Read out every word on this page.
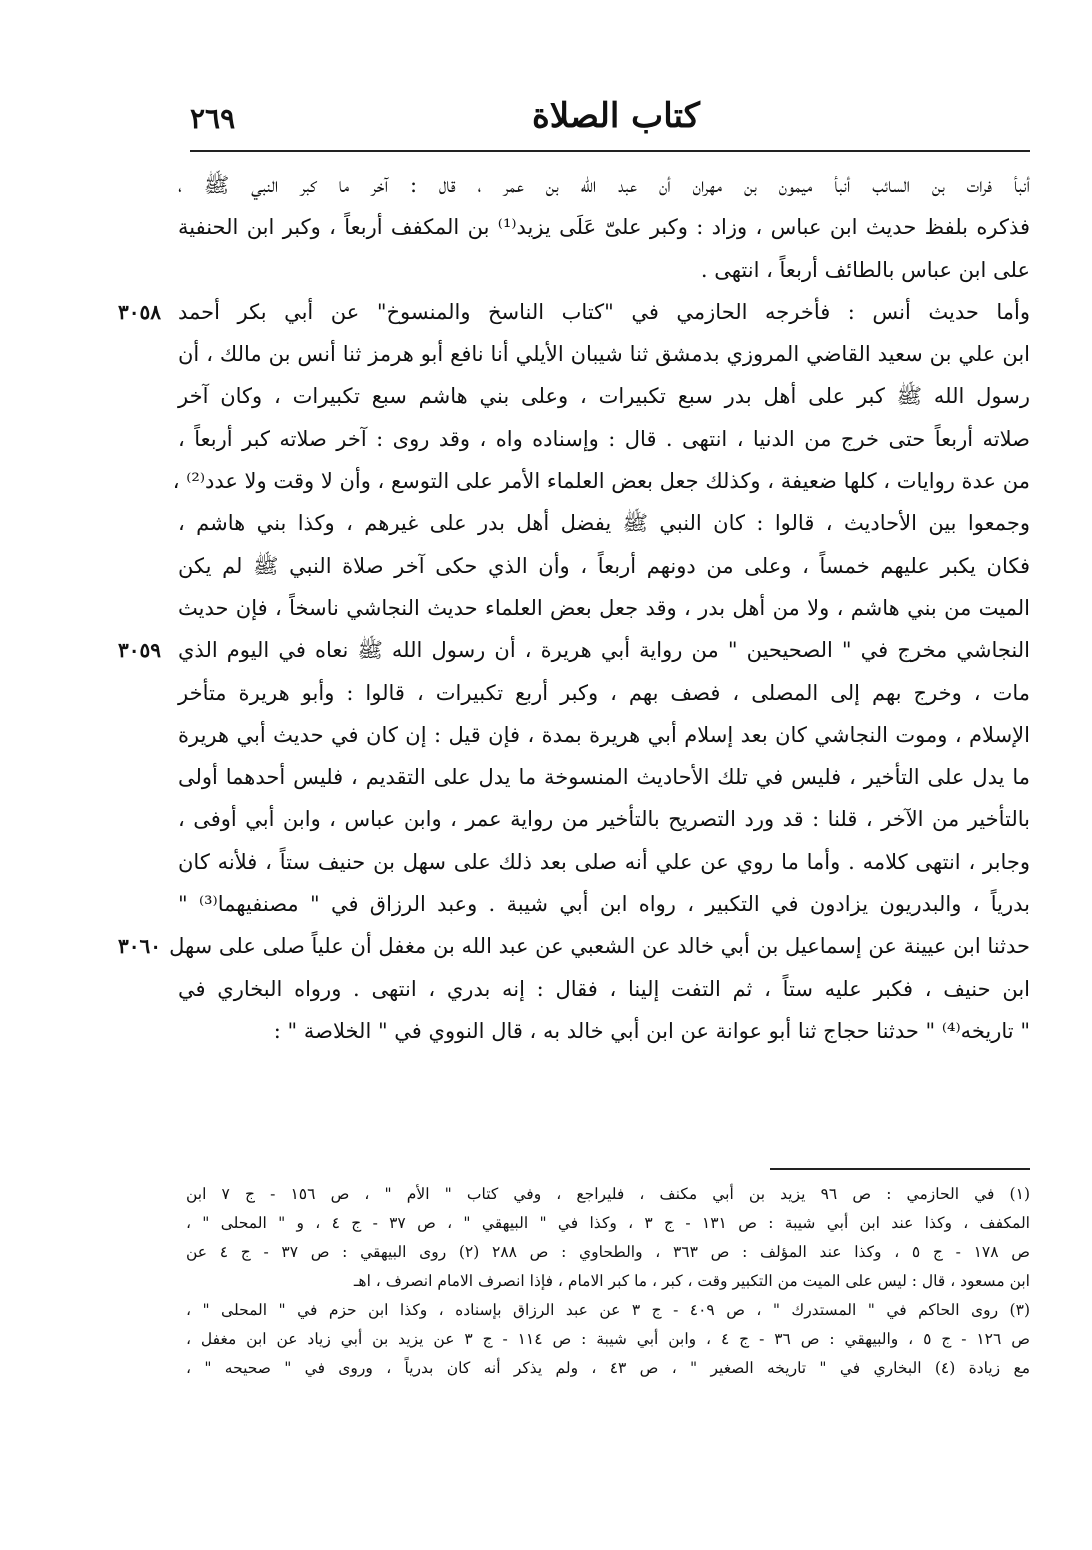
كتاب الصلاة
٢٦٩
أنبأ فرات بن السائب أنبأ ميمون بن مهران أن عبد الله بن عمر ، قال : آخر ما كبر النبي ﷺ ،
فذكره بلفظ حديث ابن عباس ، وزاد : وكبر علىّ عَلَى يزيد⁽¹⁾ بن المكفف أربعاً ، وكبر ابن الحنفية
على ابن عباس بالطائف أربعاً ، انتهى .
وأما حديث أنس : فأخرجه الحازمي في "كتاب الناسخ والمنسوخ" عن أبي بكر أحمد
ابن علي بن سعيد القاضي المروزي بدمشق ثنا شيبان الأيلي أنا نافع أبو هرمز ثنا أنس بن مالك ، أن
رسول الله ﷺ كبر على أهل بدر سبع تكبيرات ، وعلى بني هاشم سبع تكبيرات ، وكان آخر
صلاته أربعاً حتى خرج من الدنيا ، انتهى . قال : وإسناده واه ، وقد روى : آخر صلاته كبر أربعاً ،
من عدة روايات ، كلها ضعيفة ، وكذلك جعل بعض العلماء الأمر على التوسع ، وأن لا وقت ولا عدد⁽²⁾ ،
وجمعوا بين الأحاديث ، قالوا : كان النبي ﷺ يفضل أهل بدر على غيرهم ، وكذا بني هاشم ،
فكان يكبر عليهم خمساً ، وعلى من دونهم أربعاً ، وأن الذي حكى آخر صلاة النبي ﷺ لم يكن
الميت من بني هاشم ، ولا من أهل بدر ، وقد جعل بعض العلماء حديث النجاشي ناسخاً ، فإن حديث
النجاشي مخرج في " الصحيحين " من رواية أبي هريرة ، أن رسول الله ﷺ نعاه في اليوم الذي
مات ، وخرج بهم إلى المصلى ، فصف بهم ، وكبر أربع تكبيرات ، قالوا : وأبو هريرة متأخر
الإسلام ، وموت النجاشي كان بعد إسلام أبي هريرة بمدة ، فإن قيل : إن كان في حديث أبي هريرة
ما يدل على التأخير ، فليس في تلك الأحاديث المنسوخة ما يدل على التقديم ، فليس أحدهما أولى
بالتأخير من الآخر ، قلنا : قد ورد التصريح بالتأخير من رواية عمر ، وابن عباس ، وابن أبي أوفى ،
وجابر ، انتهى كلامه . وأما ما روي عن علي أنه صلى بعد ذلك على سهل بن حنيف ستاً ، فلأنه كان
بدرياً ، والبدريون يزادون في التكبير ، رواه ابن أبي شيبة . وعبد الرزاق في " مصنفيهما⁽³⁾ "
حدثنا ابن عيينة عن إسماعيل بن أبي خالد عن الشعبي عن عبد الله بن مغفل أن علياً صلى على سهل
ابن حنيف ، فكبر عليه ستاً ، ثم التفت إلينا ، فقال : إنه بدري ، انتهى . ورواه البخاري في
" تاريخه⁽⁴⁾ " حدثنا حجاج ثنا أبو عوانة عن ابن أبي خالد به ، قال النووي في " الخلاصة " :
٣٠٥٨
٣٠٥٩
٣٠٦٠
(١) في الحازمي : ص ٩٦ يزيد بن أبي مكنف ، فليراجع ، وفي كتاب " الأم " ، ص ١٥٦ - ج ٧ ابن
المكفف ، وكذا عند ابن أبي شيبة : ص ١٣١ - ج ٣ ، وكذا في " البيهقي " ، ص ٣٧ - ج ٤ ، و " المحلى " ،
ص ١٧٨ - ج ٥ ، وكذا عند المؤلف : ص ٣٦٣ ، والطحاوي : ص ٢٨٨ (٢) روى البيهقي : ص ٣٧ - ج ٤ عن
ابن مسعود ، قال : ليس على الميت من التكبير وقت ، كبر ، ما كبر الامام ، فإذا انصرف الامام انصرف ، اهـ
(٣) روى الحاكم في " المستدرك " ، ص ٤٠٩ - ج ٣ عن عبد الرزاق بإسناده ، وكذا ابن حزم في " المحلى " ،
ص ١٢٦ - ج ٥ ، والبيهقي : ص ٣٦ - ج ٤ ، وابن أبي شيبة : ص ١١٤ - ج ٣ عن يزيد بن أبي زياد عن ابن مغفل ،
مع زيادة (٤) البخاري في " تاريخه الصغير " ، ص ٤٣ ، ولم يذكر أنه كان بدرياً ، وروى في " صحيحه " ،
